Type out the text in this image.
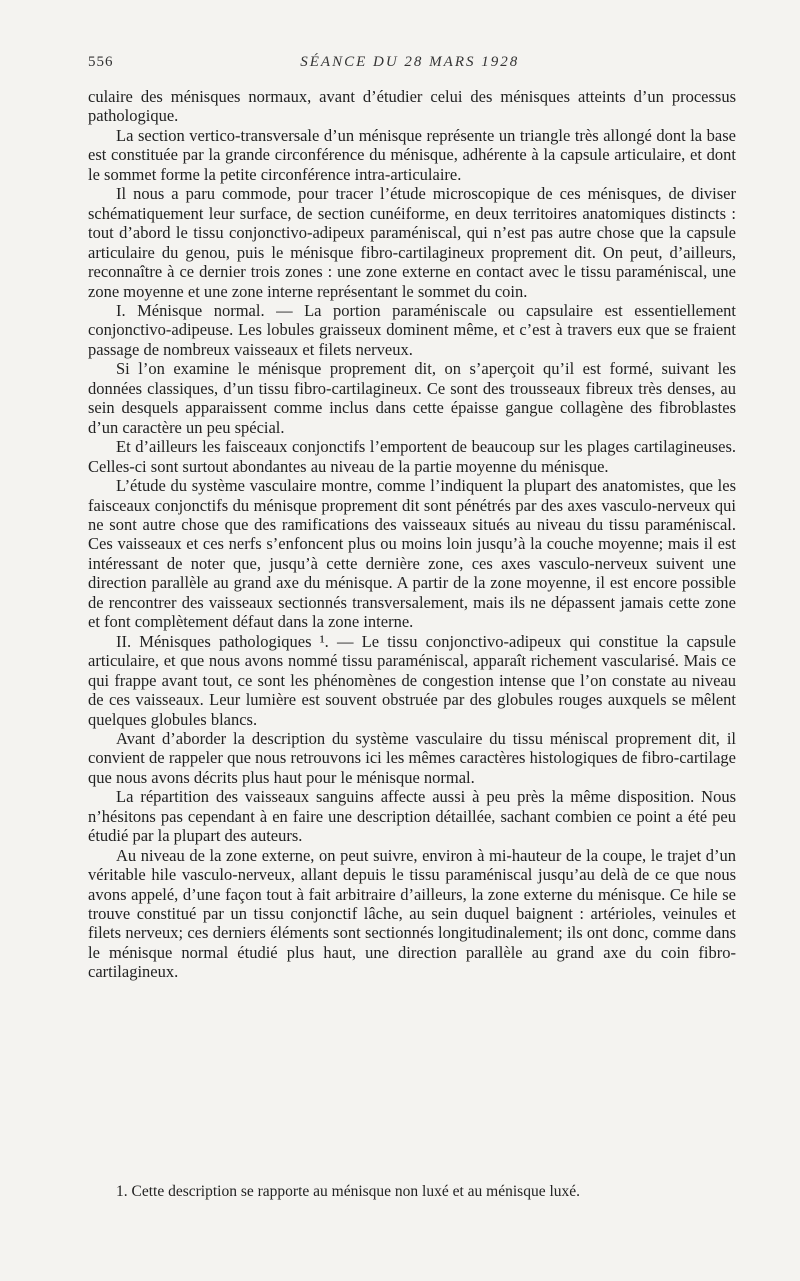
556	SÉANCE DU 28 MARS 1928

culaire des ménisques normaux, avant d’étudier celui des ménisques atteints d’un processus pathologique.

La section vertico-transversale d’un ménisque représente un triangle très allongé dont la base est constituée par la grande circonférence du ménisque, adhérente à la capsule articulaire, et dont le sommet forme la petite circonférence intra-articulaire.

Il nous a paru commode, pour tracer l’étude microscopique de ces ménisques, de diviser schématiquement leur surface, de section cunéiforme, en deux territoires anatomiques distincts : tout d’abord le tissu conjonctivo-adipeux paraméniscal, qui n’est pas autre chose que la capsule articulaire du genou, puis le ménisque fibro-cartilagineux proprement dit. On peut, d’ailleurs, reconnaître à ce dernier trois zones : une zone externe en contact avec le tissu paraméniscal, une zone moyenne et une zone interne représentant le sommet du coin.

I. Ménisque normal. — La portion paraméniscale ou capsulaire est essentiellement conjonctivo-adipeuse. Les lobules graisseux dominent même, et c’est à travers eux que se fraient passage de nombreux vaisseaux et filets nerveux.

Si l’on examine le ménisque proprement dit, on s’aperçoit qu’il est formé, suivant les données classiques, d’un tissu fibro-cartilagineux. Ce sont des trousseaux fibreux très denses, au sein desquels apparaissent comme inclus dans cette épaisse gangue collagène des fibroblastes d’un caractère un peu spécial.

Et d’ailleurs les faisceaux conjonctifs l’emportent de beaucoup sur les plages cartilagineuses. Celles-ci sont surtout abondantes au niveau de la partie moyenne du ménisque.

L’étude du système vasculaire montre, comme l’indiquent la plupart des anatomistes, que les faisceaux conjonctifs du ménisque proprement dit sont pénétrés par des axes vasculo-nerveux qui ne sont autre chose que des ramifications des vaisseaux situés au niveau du tissu paraméniscal. Ces vaisseaux et ces nerfs s’enfoncent plus ou moins loin jusqu’à la couche moyenne; mais il est intéressant de noter que, jusqu’à cette dernière zone, ces axes vasculo-nerveux suivent une direction parallèle au grand axe du ménisque. A partir de la zone moyenne, il est encore possible de rencontrer des vaisseaux sectionnés transversalement, mais ils ne dépassent jamais cette zone et font complètement défaut dans la zone interne.

II. Ménisques pathologiques ¹. — Le tissu conjonctivo-adipeux qui constitue la capsule articulaire, et que nous avons nommé tissu paraméniscal, apparaît richement vascularisé. Mais ce qui frappe avant tout, ce sont les phénomènes de congestion intense que l’on constate au niveau de ces vaisseaux. Leur lumière est souvent obstruée par des globules rouges auxquels se mêlent quelques globules blancs.

Avant d’aborder la description du système vasculaire du tissu méniscal proprement dit, il convient de rappeler que nous retrouvons ici les mêmes caractères histologiques de fibro-cartilage que nous avons décrits plus haut pour le ménisque normal.

La répartition des vaisseaux sanguins affecte aussi à peu près la même disposition. Nous n’hésitons pas cependant à en faire une description détaillée, sachant combien ce point a été peu étudié par la plupart des auteurs.

Au niveau de la zone externe, on peut suivre, environ à mi-hauteur de la coupe, le trajet d’un véritable hile vasculo-nerveux, allant depuis le tissu paraméniscal jusqu’au delà de ce que nous avons appelé, d’une façon tout à fait arbitraire d’ailleurs, la zone externe du ménisque. Ce hile se trouve constitué par un tissu conjonctif lâche, au sein duquel baignent : artérioles, veinules et filets nerveux; ces derniers éléments sont sectionnés longitudinalement; ils ont donc, comme dans le ménisque normal étudié plus haut, une direction parallèle au grand axe du coin fibro-cartilagineux.

1. Cette description se rapporte au ménisque non luxé et au ménisque luxé.
